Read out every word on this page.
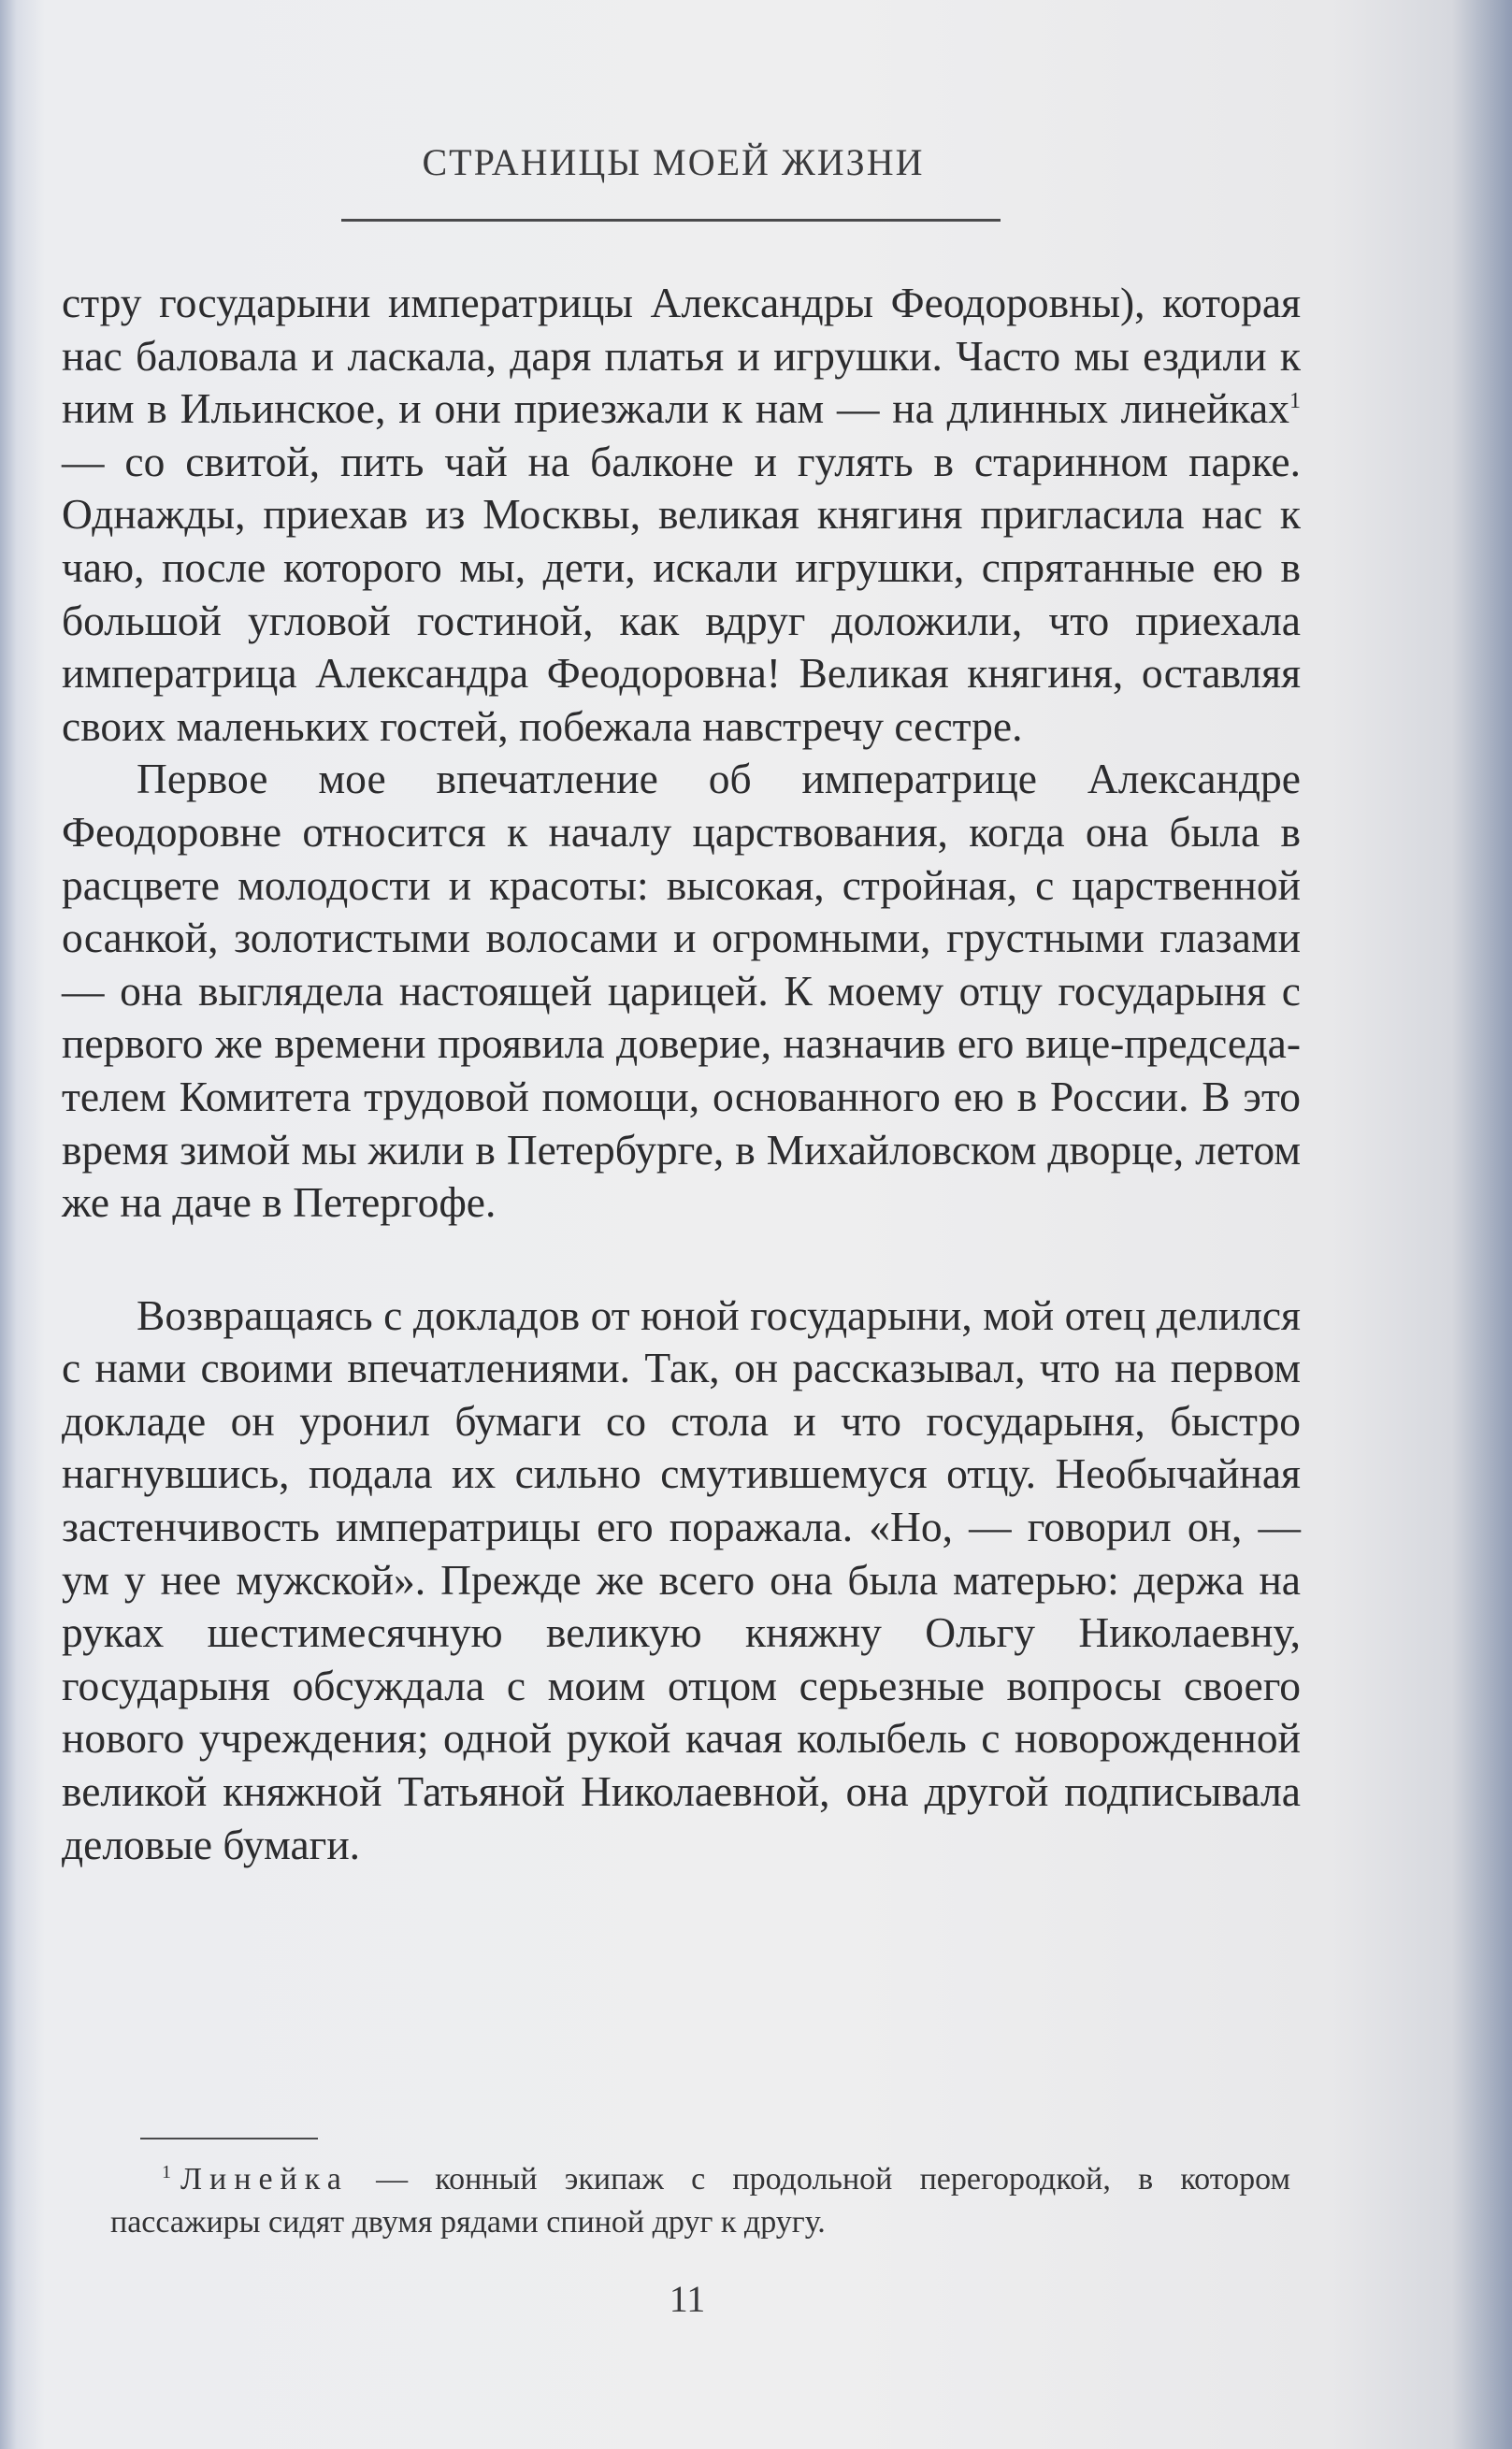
СТРАНИЦЫ МОЕЙ ЖИЗНИ

стру государыни императрицы Александры Феодоровны), которая нас баловала и ласкала, даря платья и игрушки. Часто мы ездили к ним в Ильинское, и они приезжали к нам — на длинных линейках$^1$ — со свитой, пить чай на балконе и гулять в старинном парке. Однажды, приехав из Москвы, великая княгиня пригласила нас к чаю, после которого мы, дети, искали игрушки, спрятанные ею в большой угловой гостиной, как вдруг доложили, что приехала императрица Александра Феодоровна! Великая княгиня, оставляя своих маленьких гостей, побежала навстречу сестре.

Первое мое впечатление об императрице Александре Феодоровне относится к началу царствования, когда она была в расцвете молодости и красоты: высокая, стройная, с царственной осанкой, золотистыми волосами и огромными, грустными глазами — она выглядела настоящей царицей. К моему отцу государыня с первого же времени проявила доверие, назначив его вице-председателем Комитета трудовой помощи, основанного ею в России. В это время зимой мы жили в Петербурге, в Михайловском дворце, летом же на даче в Петергофе.

Возвращаясь с докладов от юной государыни, мой отец делился с нами своими впечатлениями. Так, он рассказывал, что на первом докладе он уронил бумаги со стола и что государыня, быстро нагнувшись, подала их сильно смутившемуся отцу. Необычайная застенчивость императрицы его поражала. «Но, — говорил он, — ум у нее мужской». Прежде же всего она была матерью: держа на руках шестимесячную великую княжну Ольгу Николаевну, государыня обсуждала с моим отцом серьезные вопросы своего нового учреждения; одной рукой качая колыбель с новорожденной великой княжной Татьяной Николаевной, она другой подписывала деловые бумаги.

$^1$ Линейка — конный экипаж с продольной перегородкой, в котором пассажиры сидят двумя рядами спиной друг к другу.
11
